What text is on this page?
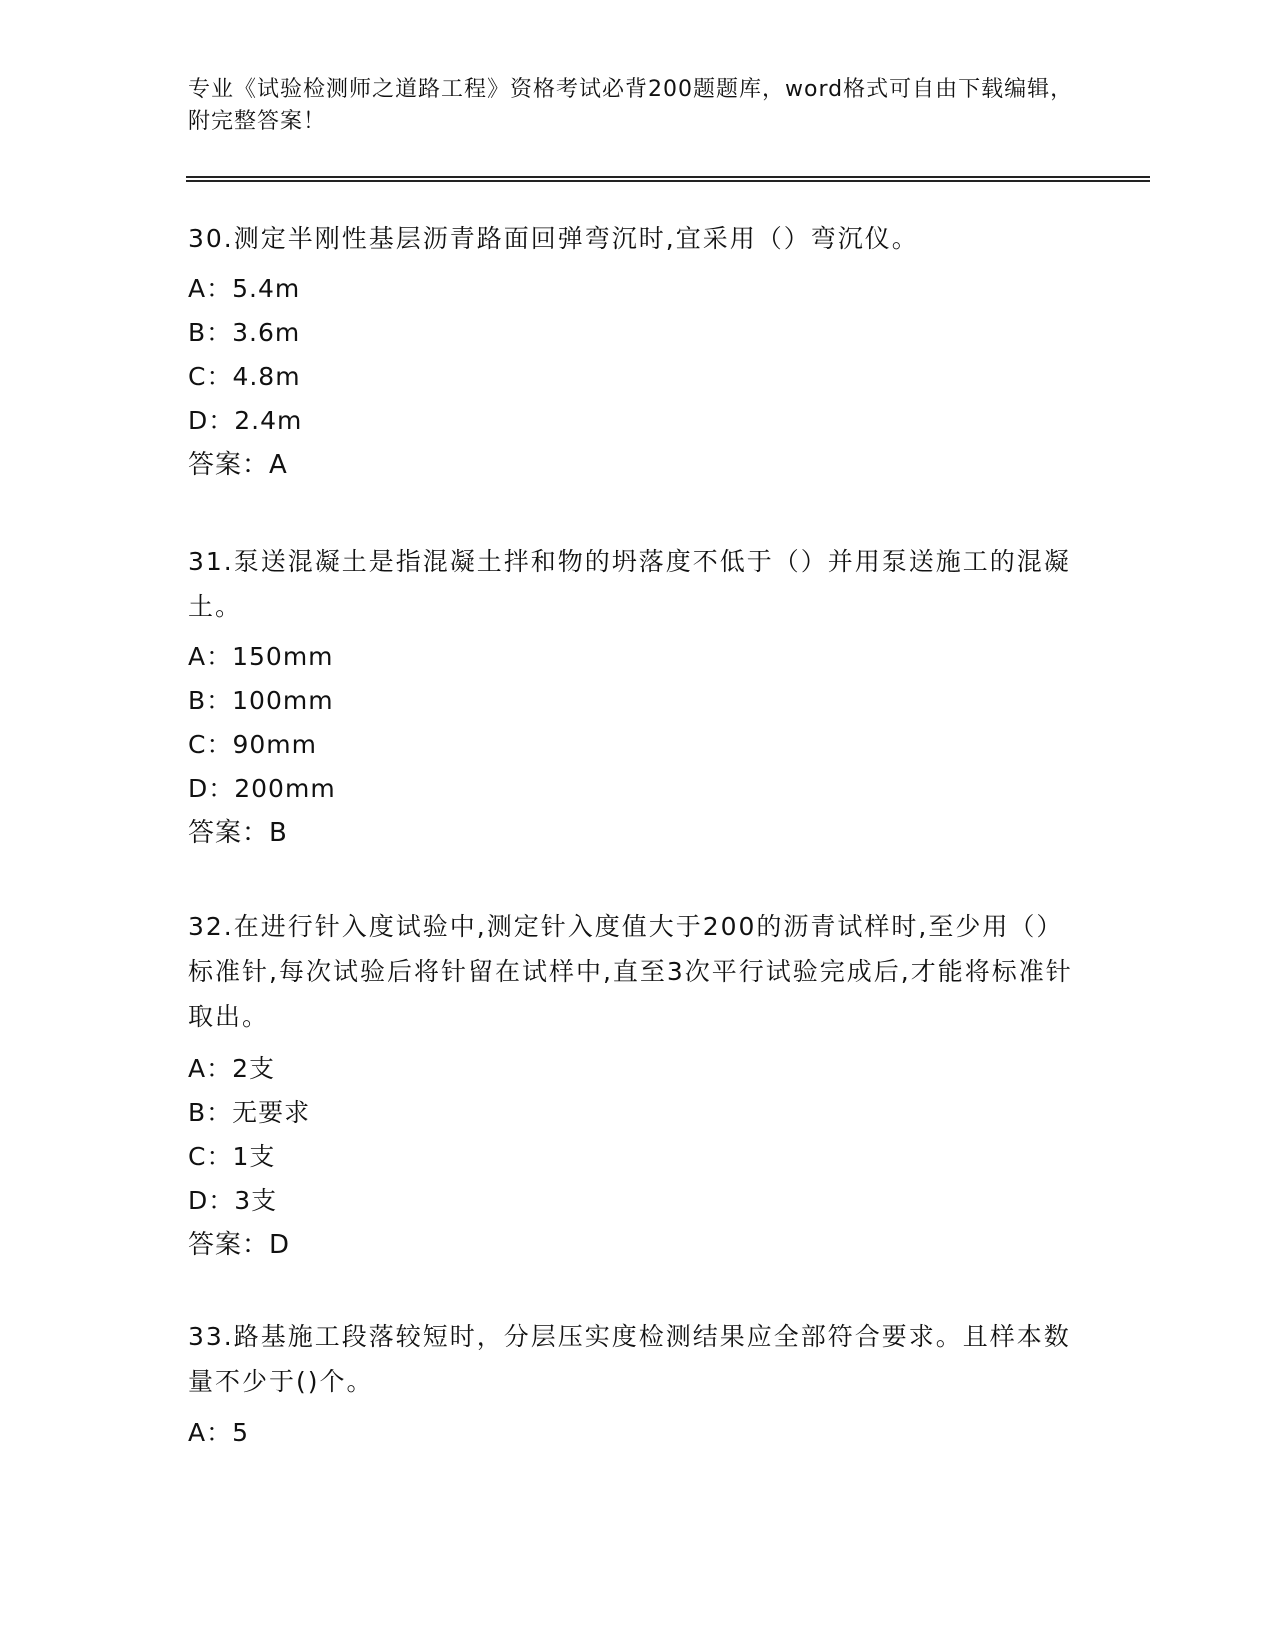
专业《试验检测师之道路工程》资格考试必背200题题库，word格式可自由下载编辑，附完整答案！
30.测定半刚性基层沥青路面回弹弯沉时,宜采用（）弯沉仪。
A：5.4m
B：3.6m
C：4.8m
D：2.4m
答案：A
31.泵送混凝土是指混凝土拌和物的坍落度不低于（）并用泵送施工的混凝土。
A：150mm
B：100mm
C：90mm
D：200mm
答案：B
32.在进行针入度试验中,测定针入度值大于200的沥青试样时,至少用（）标准针,每次试验后将针留在试样中,直至3次平行试验完成后,才能将标准针取出。
A：2支
B：无要求
C：1支
D：3支
答案：D
33.路基施工段落较短时，分层压实度检测结果应全部符合要求。且样本数量不少于()个。
A：5
